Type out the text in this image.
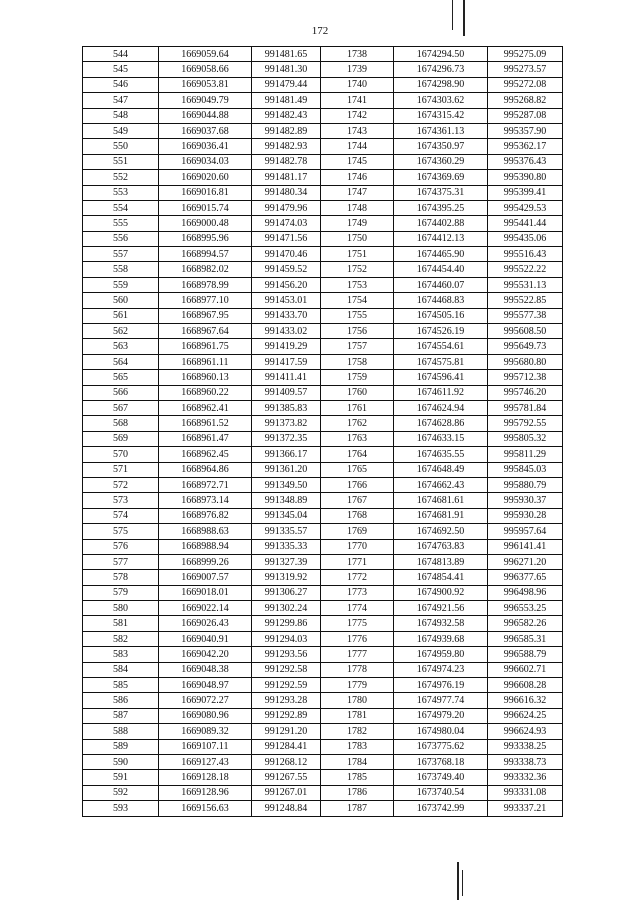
172
544	1669059.64	991481.65	1738	1674294.50	995275.09
545	1669058.66	991481.30	1739	1674296.73	995273.57
546	1669053.81	991479.44	1740	1674298.90	995272.08
547	1669049.79	991481.49	1741	1674303.62	995268.82
548	1669044.88	991482.43	1742	1674315.42	995287.08
549	1669037.68	991482.89	1743	1674361.13	995357.90
550	1669036.41	991482.93	1744	1674350.97	995362.17
551	1669034.03	991482.78	1745	1674360.29	995376.43
552	1669020.60	991481.17	1746	1674369.69	995390.80
553	1669016.81	991480.34	1747	1674375.31	995399.41
554	1669015.74	991479.96	1748	1674395.25	995429.53
555	1669000.48	991474.03	1749	1674402.88	995441.44
556	1668995.96	991471.56	1750	1674412.13	995435.06
557	1668994.57	991470.46	1751	1674465.90	995516.43
558	1668982.02	991459.52	1752	1674454.40	995522.22
559	1668978.99	991456.20	1753	1674460.07	995531.13
560	1668977.10	991453.01	1754	1674468.83	995522.85
561	1668967.95	991433.70	1755	1674505.16	995577.38
562	1668967.64	991433.02	1756	1674526.19	995608.50
563	1668961.75	991419.29	1757	1674554.61	995649.73
564	1668961.11	991417.59	1758	1674575.81	995680.80
565	1668960.13	991411.41	1759	1674596.41	995712.38
566	1668960.22	991409.57	1760	1674611.92	995746.20
567	1668962.41	991385.83	1761	1674624.94	995781.84
568	1668961.52	991373.82	1762	1674628.86	995792.55
569	1668961.47	991372.35	1763	1674633.15	995805.32
570	1668962.45	991366.17	1764	1674635.55	995811.29
571	1668964.86	991361.20	1765	1674648.49	995845.03
572	1668972.71	991349.50	1766	1674662.43	995880.79
573	1668973.14	991348.89	1767	1674681.61	995930.37
574	1668976.82	991345.04	1768	1674681.91	995930.28
575	1668988.63	991335.57	1769	1674692.50	995957.64
576	1668988.94	991335.33	1770	1674763.83	996141.41
577	1668999.26	991327.39	1771	1674813.89	996271.20
578	1669007.57	991319.92	1772	1674854.41	996377.65
579	1669018.01	991306.27	1773	1674900.92	996498.96
580	1669022.14	991302.24	1774	1674921.56	996553.25
581	1669026.43	991299.86	1775	1674932.58	996582.26
582	1669040.91	991294.03	1776	1674939.68	996585.31
583	1669042.20	991293.56	1777	1674959.80	996588.79
584	1669048.38	991292.58	1778	1674974.23	996602.71
585	1669048.97	991292.59	1779	1674976.19	996608.28
586	1669072.27	991293.28	1780	1674977.74	996616.32
587	1669080.96	991292.89	1781	1674979.20	996624.25
588	1669089.32	991291.20	1782	1674980.04	996624.93
589	1669107.11	991284.41	1783	1673775.62	993338.25
590	1669127.43	991268.12	1784	1673768.18	993338.73
591	1669128.18	991267.55	1785	1673749.40	993332.36
592	1669128.96	991267.01	1786	1673740.54	993331.08
593	1669156.63	991248.84	1787	1673742.99	993337.21
